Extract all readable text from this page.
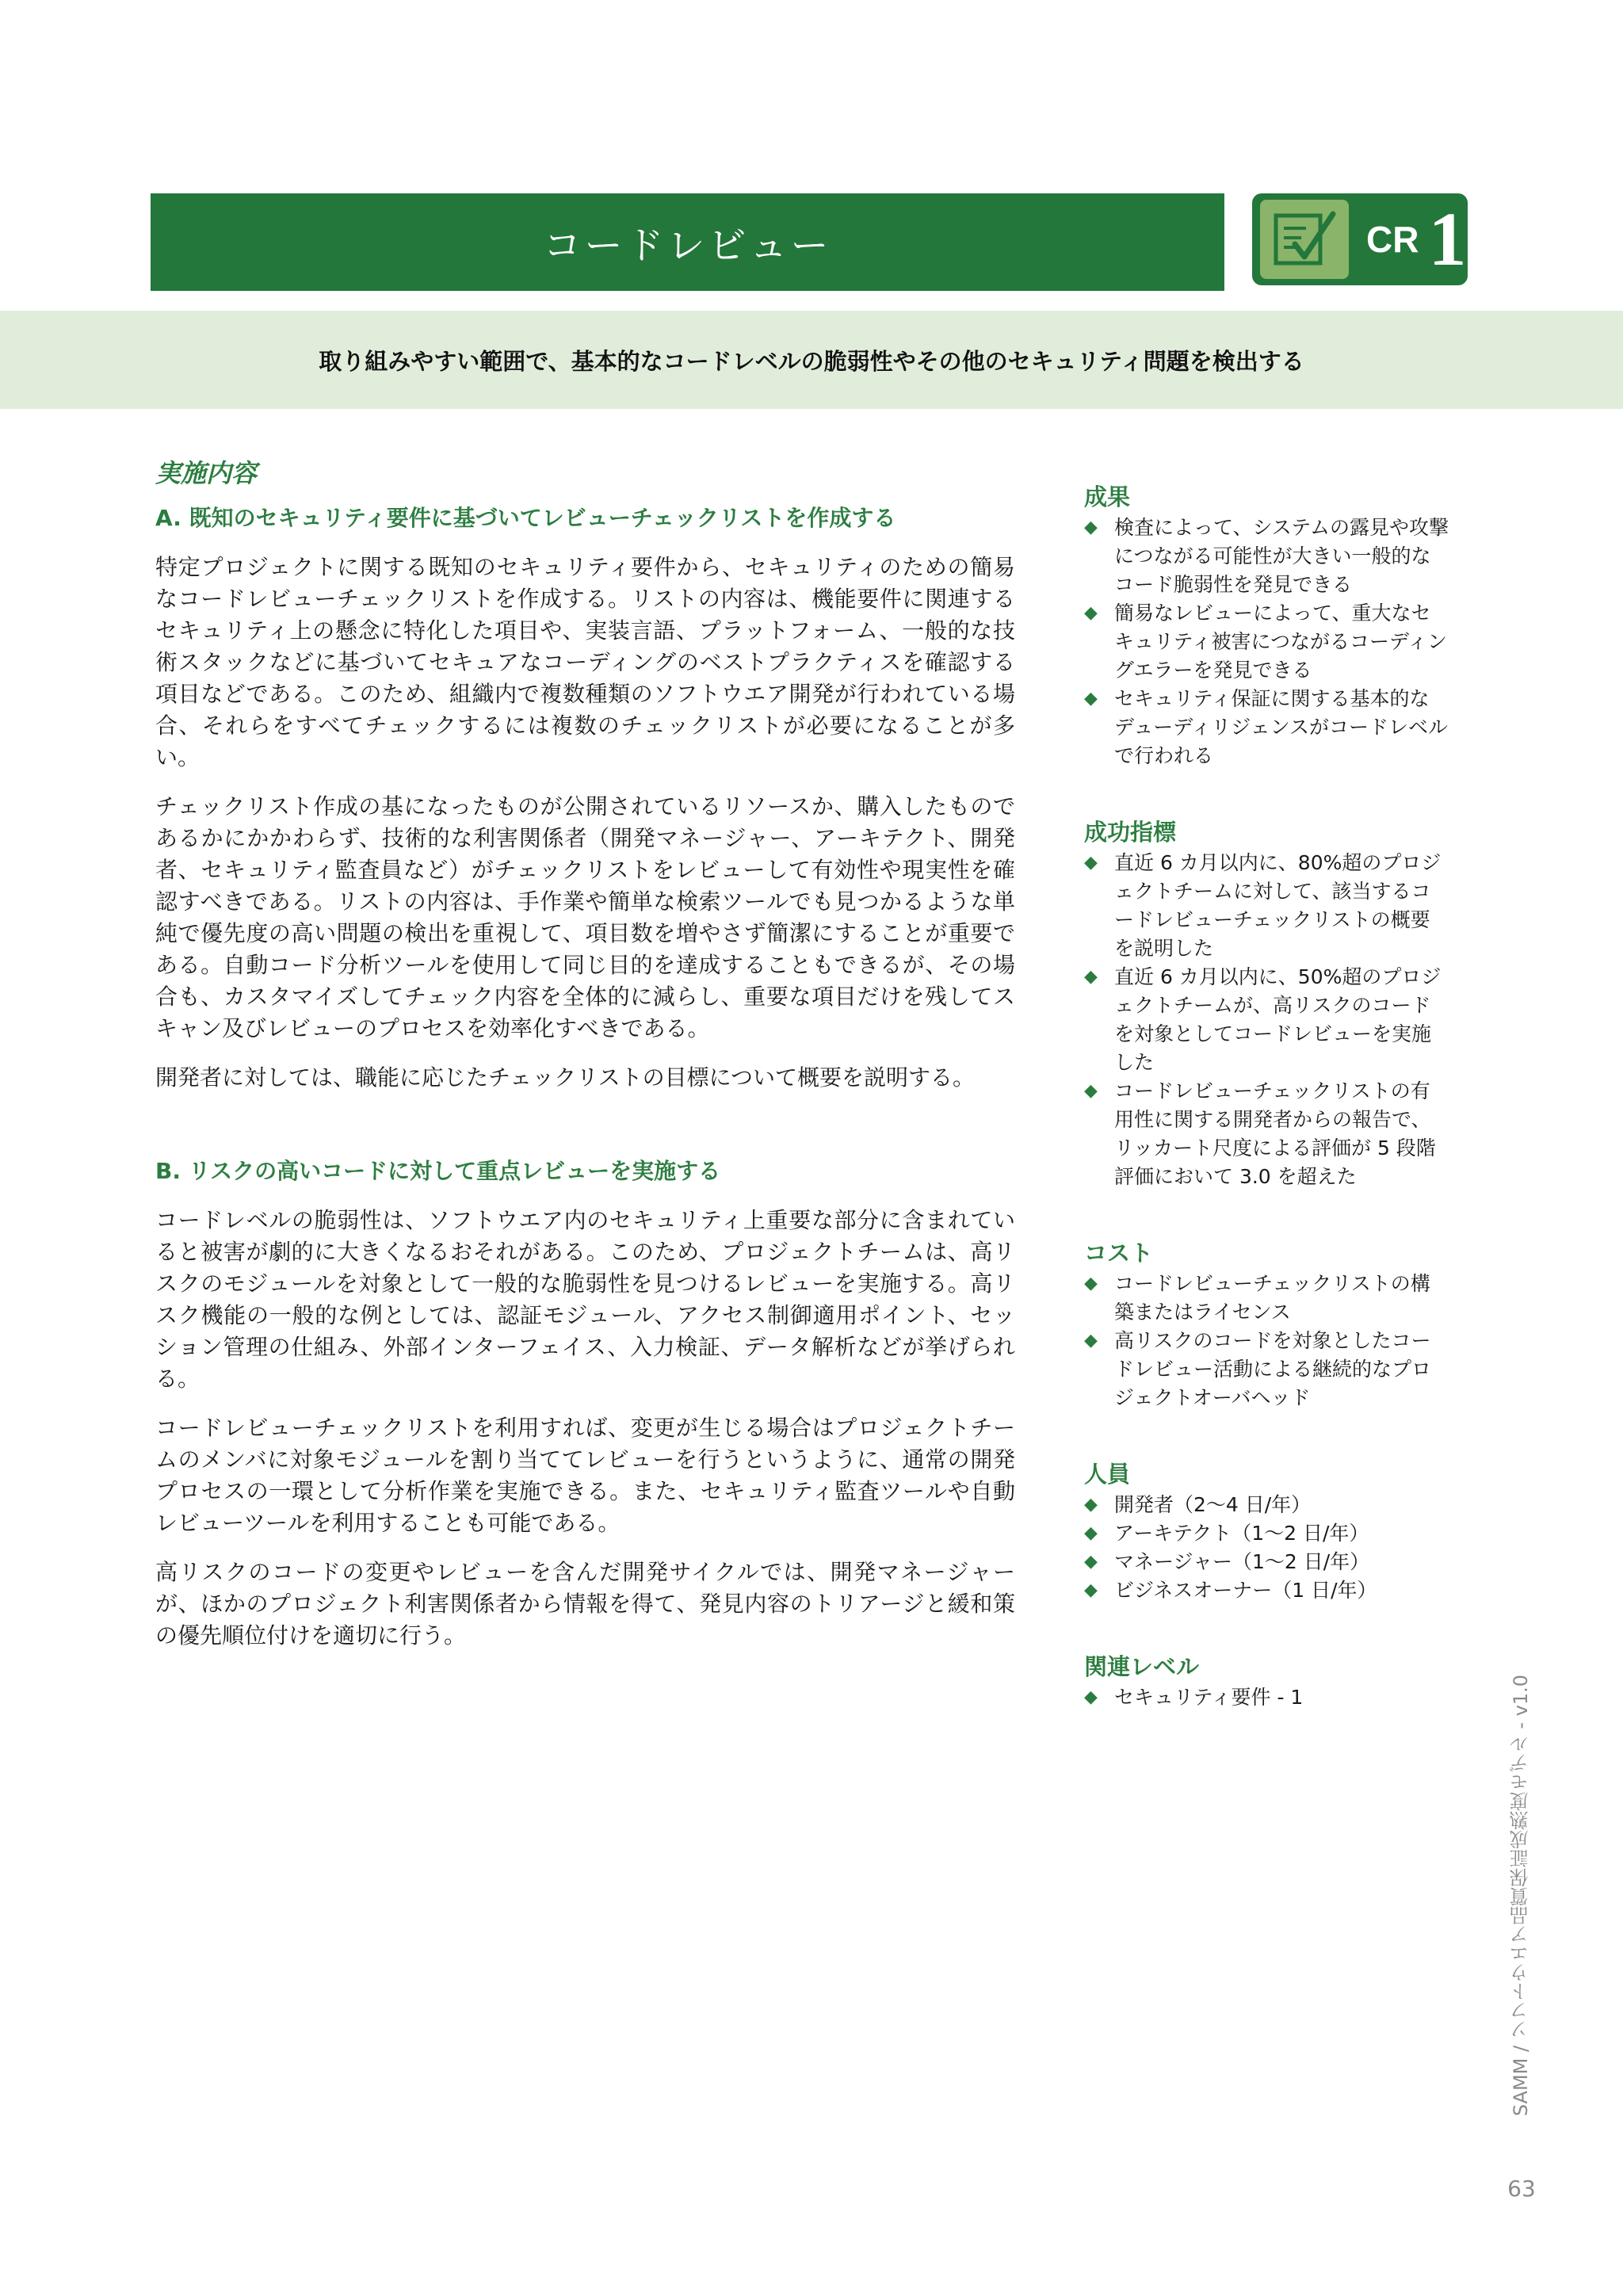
コードレビュー	CR 1
取り組みやすい範囲で、基本的なコードレベルの脆弱性やその他のセキュリティ問題を検出する
実施内容
A. 既知のセキュリティ要件に基づいてレビューチェックリストを作成する

特定プロジェクトに関する既知のセキュリティ要件から、セキュリティのための簡易なコードレビューチェックリストを作成する。リストの内容は、機能要件に関連するセキュリティ上の懸念に特化した項目や、実装言語、プラットフォーム、一般的な技術スタックなどに基づいてセキュアなコーディングのベストプラクティスを確認する項目などである。このため、組織内で複数種類のソフトウエア開発が行われている場合、それらをすべてチェックするには複数のチェックリストが必要になることが多い。

チェックリスト作成の基になったものが公開されているリソースか、購入したものであるかにかかわらず、技術的な利害関係者（開発マネージャー、アーキテクト、開発者、セキュリティ監査員など）がチェックリストをレビューして有効性や現実性を確認すべきである。リストの内容は、手作業や簡単な検索ツールでも見つかるような単純で優先度の高い問題の検出を重視して、項目数を増やさず簡潔にすることが重要である。自動コード分析ツールを使用して同じ目的を達成することもできるが、その場合も、カスタマイズしてチェック内容を全体的に減らし、重要な項目だけを残してスキャン及びレビューのプロセスを効率化すべきである。

開発者に対しては、職能に応じたチェックリストの目標について概要を説明する。

B. リスクの高いコードに対して重点レビューを実施する

コードレベルの脆弱性は、ソフトウエア内のセキュリティ上重要な部分に含まれていると被害が劇的に大きくなるおそれがある。このため、プロジェクトチームは、高リスクのモジュールを対象として一般的な脆弱性を見つけるレビューを実施する。高リスク機能の一般的な例としては、認証モジュール、アクセス制御適用ポイント、セッション管理の仕組み、外部インターフェイス、入力検証、データ解析などが挙げられる。

コードレビューチェックリストを利用すれば、変更が生じる場合はプロジェクトチームのメンバに対象モジュールを割り当ててレビューを行うというように、通常の開発プロセスの一環として分析作業を実施できる。また、セキュリティ監査ツールや自動レビューツールを利用することも可能である。

高リスクのコードの変更やレビューを含んだ開発サイクルでは、開発マネージャーが、ほかのプロジェクト利害関係者から情報を得て、発見内容のトリアージと緩和策の優先順位付けを適切に行う。

成果
◆ 検査によって、システムの露見や攻撃につながる可能性が大きい一般的なコード脆弱性を発見できる
◆ 簡易なレビューによって、重大なセキュリティ被害につながるコーディングエラーを発見できる
◆ セキュリティ保証に関する基本的なデューディリジェンスがコードレベルで行われる
成功指標
◆ 直近 6 カ月以内に、80%超のプロジェクトチームに対して、該当するコードレビューチェックリストの概要を説明した
◆ 直近 6 カ月以内に、50%超のプロジェクトチームが、高リスクのコードを対象としてコードレビューを実施した
◆ コードレビューチェックリストの有用性に関する開発者からの報告で、リッカート尺度による評価が 5 段階評価において 3.0 を超えた
コスト
◆ コードレビューチェックリストの構築またはライセンス
◆ 高リスクのコードを対象としたコードレビュー活動による継続的なプロジェクトオーバヘッド
人員
◆ 開発者（2〜4 日/年）
◆ アーキテクト（1〜2 日/年）
◆ マネージャー（1〜2 日/年）
◆ ビジネスオーナー（1 日/年）
関連レベル
◆ セキュリティ要件 - 1	SAMM / ソフトウエア品質保証成熟度モデル - v1.0
63
